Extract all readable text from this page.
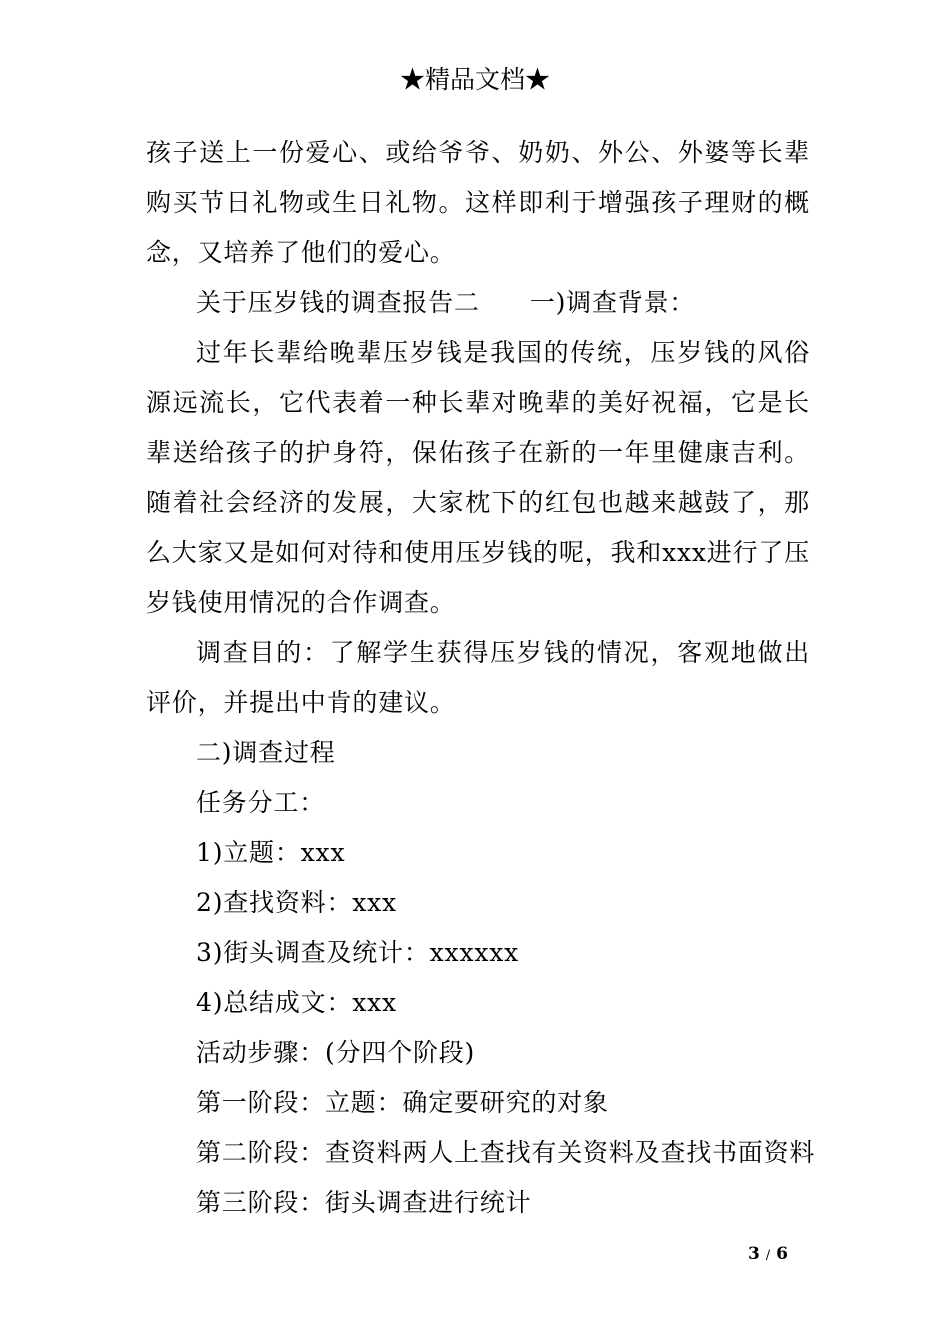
★精品文档★

孩子送上一份爱心、或给爷爷、奶奶、外公、外婆等长辈购买节日礼物或生日礼物。这样即利于增强孩子理财的概念，又培养了他们的爱心。

关于压岁钱的调查报告二 一)调查背景：

过年长辈给晚辈压岁钱是我国的传统，压岁钱的风俗源远流长，它代表着一种长辈对晚辈的美好祝福，它是长辈送给孩子的护身符，保佑孩子在新的一年里健康吉利。随着社会经济的发展，大家枕下的红包也越来越鼓了，那么大家又是如何对待和使用压岁钱的呢，我和xxx进行了压岁钱使用情况的合作调查。

调查目的：了解学生获得压岁钱的情况，客观地做出评价，并提出中肯的建议。

二)调查过程

任务分工：

1)立题：xxx

2)查找资料：xxx

3)街头调查及统计：xxxxxx

4)总结成文：xxx

活动步骤：(分四个阶段)

第一阶段：立题：确定要研究的对象

第二阶段：查资料两人上查找有关资料及查找书面资料

第三阶段：街头调查进行统计

3 / 6
